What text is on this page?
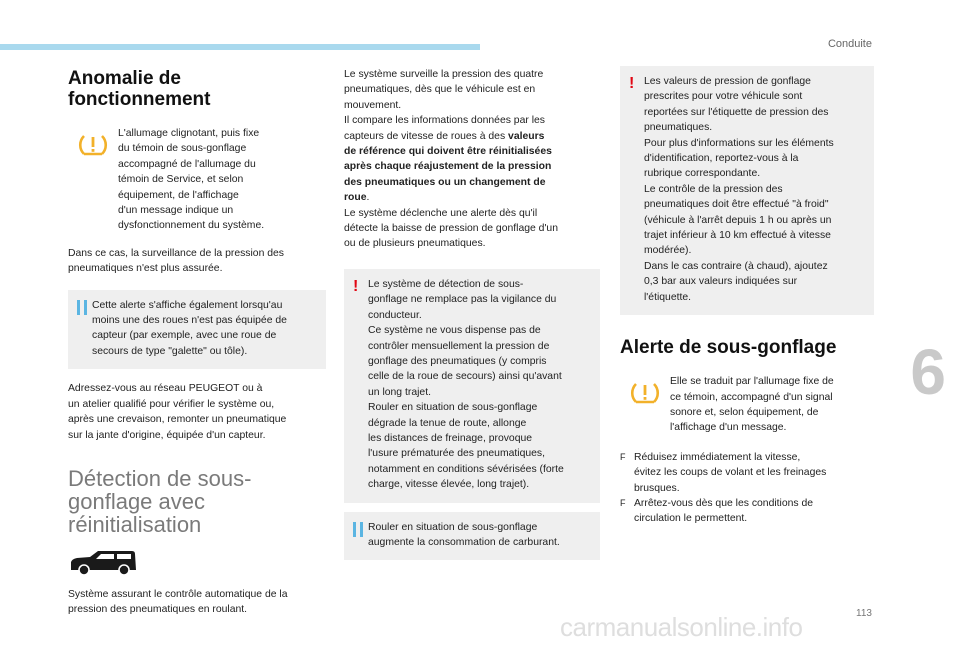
Conduite
6
carmanualsonline.info	113
Anomalie de
fonctionnement

L'allumage clignotant, puis fixe
du témoin de sous-gonflage
accompagné de l'allumage du
témoin de Service, et selon
équipement, de l'affichage
d'un message indique un
dysfonctionnement du système.

Dans ce cas, la surveillance de la pression des
pneumatiques n'est plus assurée.

Cette alerte s'affiche également lorsqu'au
moins une des roues n'est pas équipée de
capteur (par exemple, avec une roue de
secours de type "galette" ou tôle).

Adressez-vous au réseau PEUGEOT ou à
un atelier qualifié pour vérifier le système ou,
après une crevaison, remonter un pneumatique
sur la jante d'origine, équipée d'un capteur.

Détection de sous-
gonflage avec
réinitialisation

Système assurant le contrôle automatique de la
pression des pneumatiques en roulant.

Le système surveille la pression des quatre
pneumatiques, dès que le véhicule est en
mouvement.
Il compare les informations données par les
capteurs de vitesse de roues à des valeurs
de référence qui doivent être réinitialisées
après chaque réajustement de la pression
des pneumatiques ou un changement de
roue.
Le système déclenche une alerte dès qu'il
détecte la baisse de pression de gonflage d'un
ou de plusieurs pneumatiques.

! Le système de détection de sous-
gonflage ne remplace pas la vigilance du
conducteur.
Ce système ne vous dispense pas de
contrôler mensuellement la pression de
gonflage des pneumatiques (y compris
celle de la roue de secours) ainsi qu'avant
un long trajet.
Rouler en situation de sous-gonflage
dégrade la tenue de route, allonge
les distances de freinage, provoque
l'usure prématurée des pneumatiques,
notamment en conditions sévérisées (forte
charge, vitesse élevée, long trajet).

Rouler en situation de sous-gonflage
augmente la consommation de carburant.

! Les valeurs de pression de gonflage
prescrites pour votre véhicule sont
reportées sur l'étiquette de pression des
pneumatiques.
Pour plus d'informations sur les éléments
d'identification, reportez-vous à la
rubrique correspondante.
Le contrôle de la pression des
pneumatiques doit être effectué "à froid"
(véhicule à l'arrêt depuis 1 h ou après un
trajet inférieur à 10 km effectué à vitesse
modérée).
Dans le cas contraire (à chaud), ajoutez
0,3 bar aux valeurs indiquées sur
l'étiquette.

Alerte de sous-gonflage

Elle se traduit par l'allumage fixe de
ce témoin, accompagné d'un signal
sonore et, selon équipement, de
l'affichage d'un message.

F Réduisez immédiatement la vitesse,
évitez les coups de volant et les freinages
brusques.
F Arrêtez-vous dès que les conditions de
circulation le permettent.
